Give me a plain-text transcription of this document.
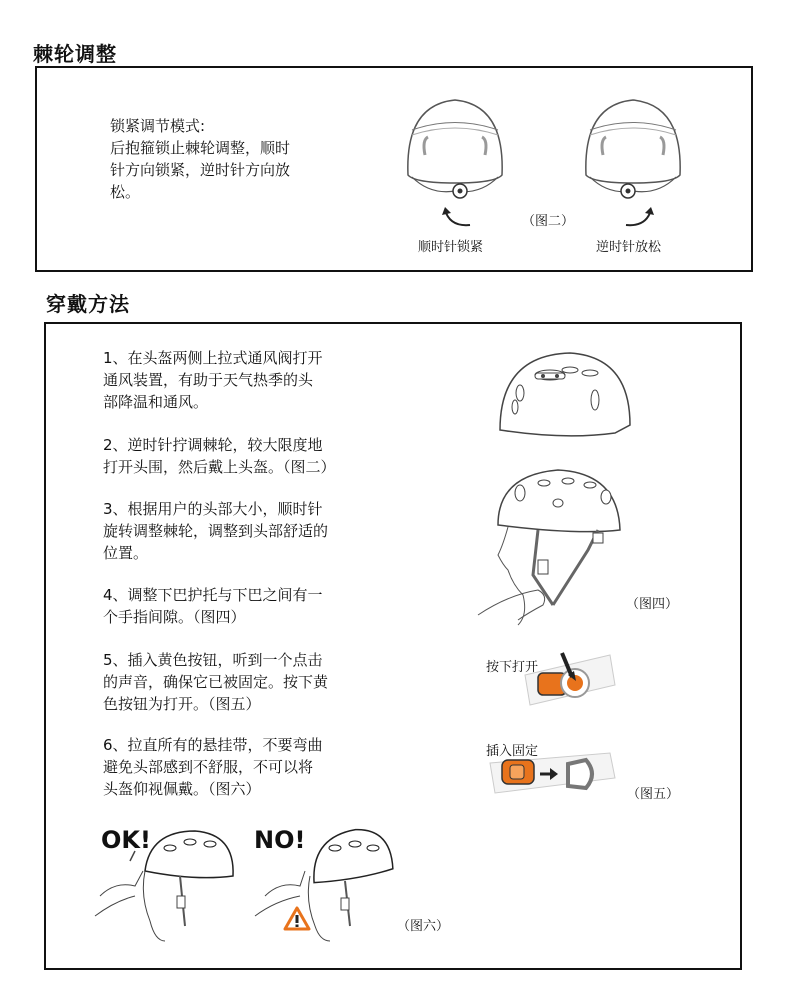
棘轮调整
锁紧调节模式:
后抱箍锁止棘轮调整，顺时
针方向锁紧，逆时针方向放
松。
顺时针锁紧
（图二）
逆时针放松
穿戴方法
1、在头盔两侧上拉式通风阀打开
通风装置，有助于天气热季的头
部降温和通风。
2、逆时针拧调棘轮，较大限度地
打开头围，然后戴上头盔。（图二）
3、根据用户的头部大小，顺时针
旋转调整棘轮，调整到头部舒适的
位置。
4、调整下巴护托与下巴之间有一
个手指间隙。（图四）
5、插入黄色按钮，听到一个点击
的声音，确保它已被固定。按下黄
色按钮为打开。（图五）
6、拉直所有的悬挂带，不要弯曲
避免头部感到不舒服，不可以将
头盔仰视佩戴。（图六）
（图四）
按下打开
插入固定
（图五）
OK!	NO!
（图六）
